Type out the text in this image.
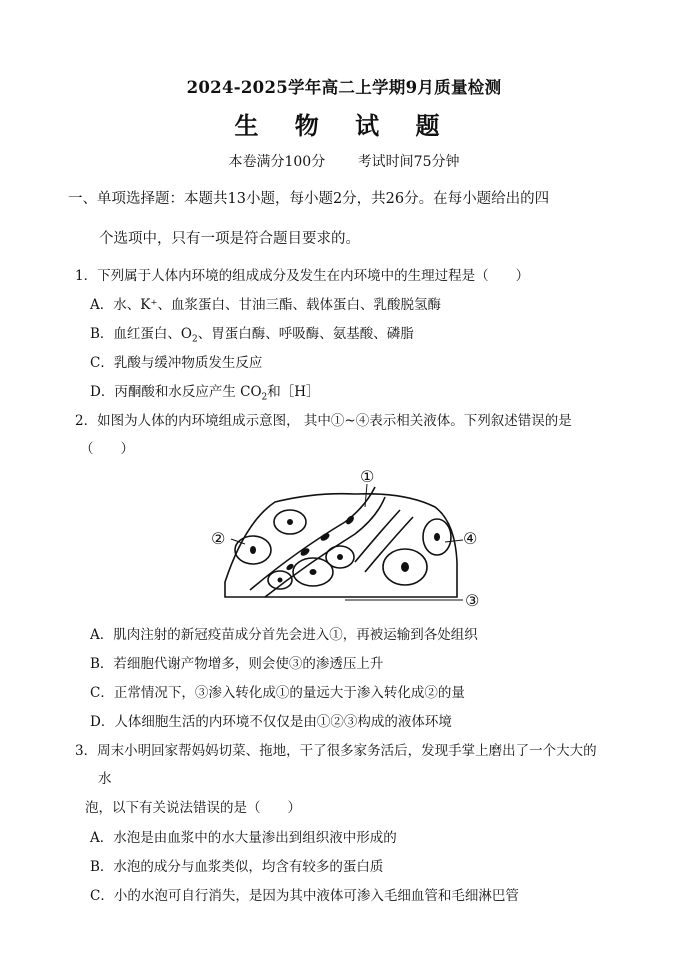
2024-2025学年高二上学期9月质量检测
生 物 试 题
本卷满分100分 考试时间75分钟
一、单项选择题：本题共13小题，每小题2分，共26分。在每小题给出的四
个选项中，只有一项是符合题目要求的。
1．下列属于人体内环境的组成成分及发生在内环境中的生理过程是（　　）
A．水、K⁺、血浆蛋白、甘油三酯、载体蛋白、乳酸脱氢酶
B．血红蛋白、$O_2$、胃蛋白酶、呼吸酶、氨基酸、磷脂
C．乳酸与缓冲物质发生反应
D．丙酮酸和水反应产生 $CO_2$和［H］
2．如图为人体的内环境组成示意图， 其中①~④表示相关液体。下列叙述错误的是
（　　）
①
②
③
④
A．肌肉注射的新冠疫苗成分首先会进入①，再被运输到各处组织
B．若细胞代谢产物增多，则会使③的渗透压上升
C．正常情况下，③渗入转化成①的量远大于渗入转化成②的量
D．人体细胞生活的内环境不仅仅是由①②③构成的液体环境
3．周末小明回家帮妈妈切菜、拖地，干了很多家务活后，发现手掌上磨出了一个大大的
水
泡，以下有关说法错误的是（　　）
A．水泡是由血浆中的水大量渗出到组织液中形成的
B．水泡的成分与血浆类似，均含有较多的蛋白质
C．小的水泡可自行消失，是因为其中液体可渗入毛细血管和毛细淋巴管
